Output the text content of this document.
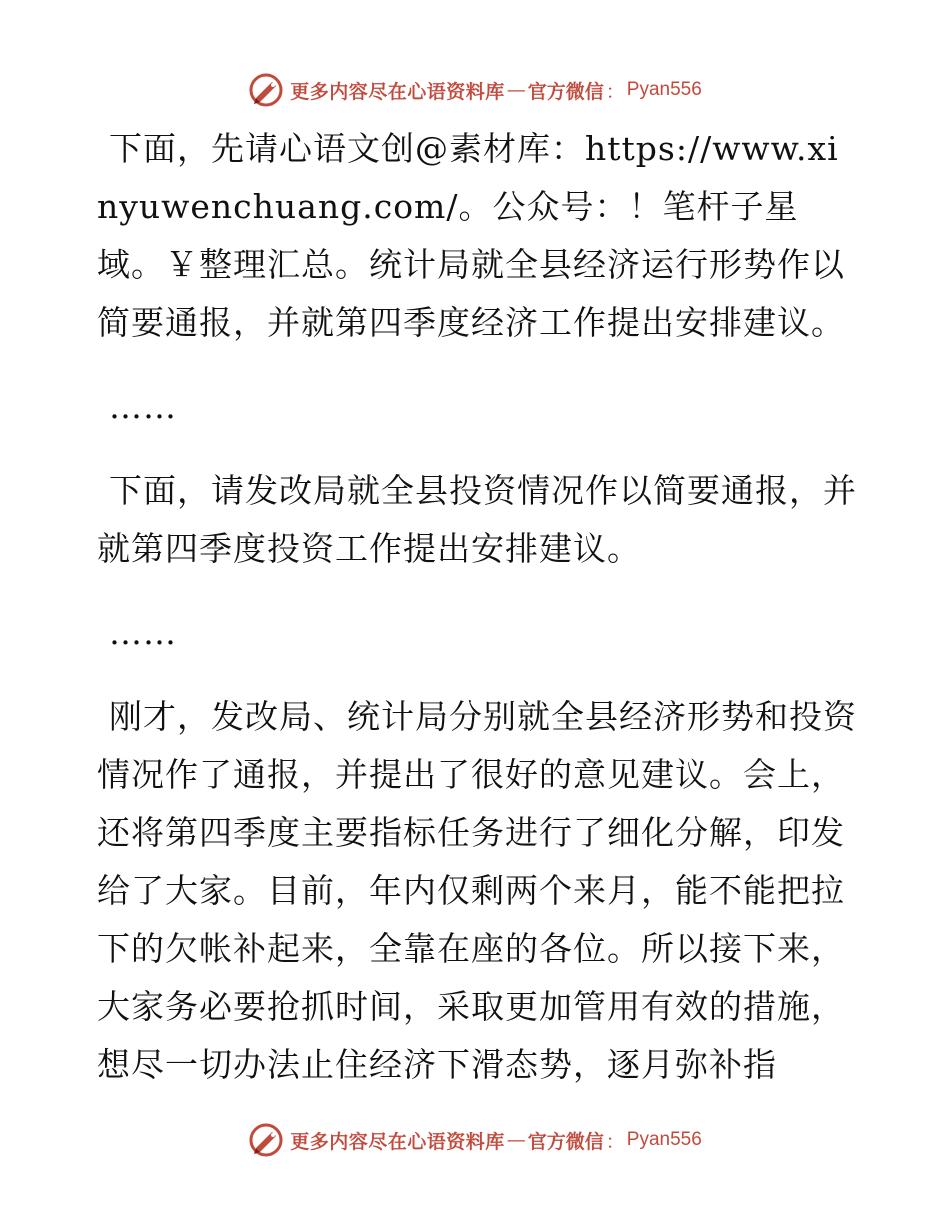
更多内容尽在心语资料库 — 官方微信 ： Pyan556

下面，先请心语文创@素材库：https://www.xinyuwenchuang.com/。公众号：！笔杆子星域。￥整理汇总。统计局就全县经济运行形势作以简要通报，并就第四季度经济工作提出安排建议。

……

下面，请发改局就全县投资情况作以简要通报，并就第四季度投资工作提出安排建议。

……

刚才，发改局、统计局分别就全县经济形势和投资情况作了通报，并提出了很好的意见建议。会上，还将第四季度主要指标任务进行了细化分解，印发给了大家。目前，年内仅剩两个来月，能不能把拉下的欠帐补起来，全靠在座的各位。所以接下来，大家务必要抢抓时间，采取更加管用有效的措施，想尽一切办法止住经济下滑态势，逐月弥补指

更多内容尽在心语资料库 — 官方微信 ： Pyan556
